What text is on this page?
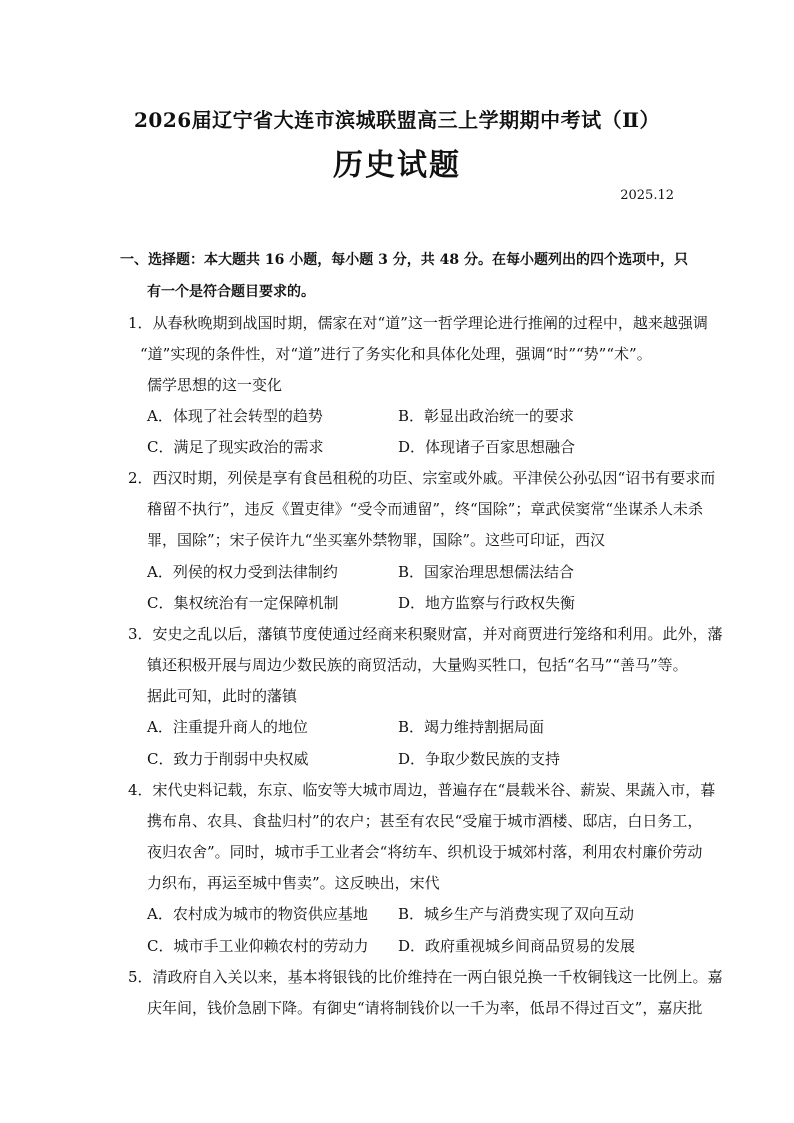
2026届辽宁省大连市滨城联盟高三上学期期中考试（Ⅱ）
历史试题
2025.12
一、选择题：本大题共 16 小题，每小题 3 分，共 48 分。在每小题列出的四个选项中，只
有一个是符合题目要求的。
1．从春秋晚期到战国时期，儒家在对“道”这一哲学理论进行推阐的过程中，越来越强调
“道”实现的条件性，对“道”进行了务实化和具体化处理，强调“时”“势”“术”。
儒学思想的这一变化
A．体现了社会转型的趋势	B．彰显出政治统一的要求
C．满足了现实政治的需求	D．体现诸子百家思想融合
2．西汉时期，列侯是享有食邑租税的功臣、宗室或外戚。平津侯公孙弘因“诏书有要求而
稽留不执行”，违反《置吏律》“受令而逋留”，终“国除”；章武侯窦常“坐谋杀人未杀
罪，国除”；宋子侯许九“坐买塞外禁物罪，国除”。这些可印证，西汉
A．列侯的权力受到法律制约	B．国家治理思想儒法结合
C．集权统治有一定保障机制	D．地方监察与行政权失衡
3．安史之乱以后，藩镇节度使通过经商来积聚财富，并对商贾进行笼络和利用。此外，藩
镇还积极开展与周边少数民族的商贸活动，大量购买牲口，包括“名马”“善马”等。
据此可知，此时的藩镇
A．注重提升商人的地位	B．竭力维持割据局面
C．致力于削弱中央权威	D．争取少数民族的支持
4．宋代史料记载，东京、临安等大城市周边，普遍存在“晨载米谷、薪炭、果蔬入市，暮
携布帛、农具、食盐归村”的农户；甚至有农民“受雇于城市酒楼、邸店，白日务工，
夜归农舍”。同时，城市手工业者会“将纺车、织机设于城郊村落，利用农村廉价劳动
力织布，再运至城中售卖”。这反映出，宋代
A．农村成为城市的物资供应基地 B．城乡生产与消费实现了双向互动
C．城市手工业仰赖农村的劳动力 D．政府重视城乡间商品贸易的发展
5．清政府自入关以来，基本将银钱的比价维持在一两白银兑换一千枚铜钱这一比例上。嘉
庆年间，钱价急剧下降。有御史“请将制钱价以一千为率，低昂不得过百文”，嘉庆批
